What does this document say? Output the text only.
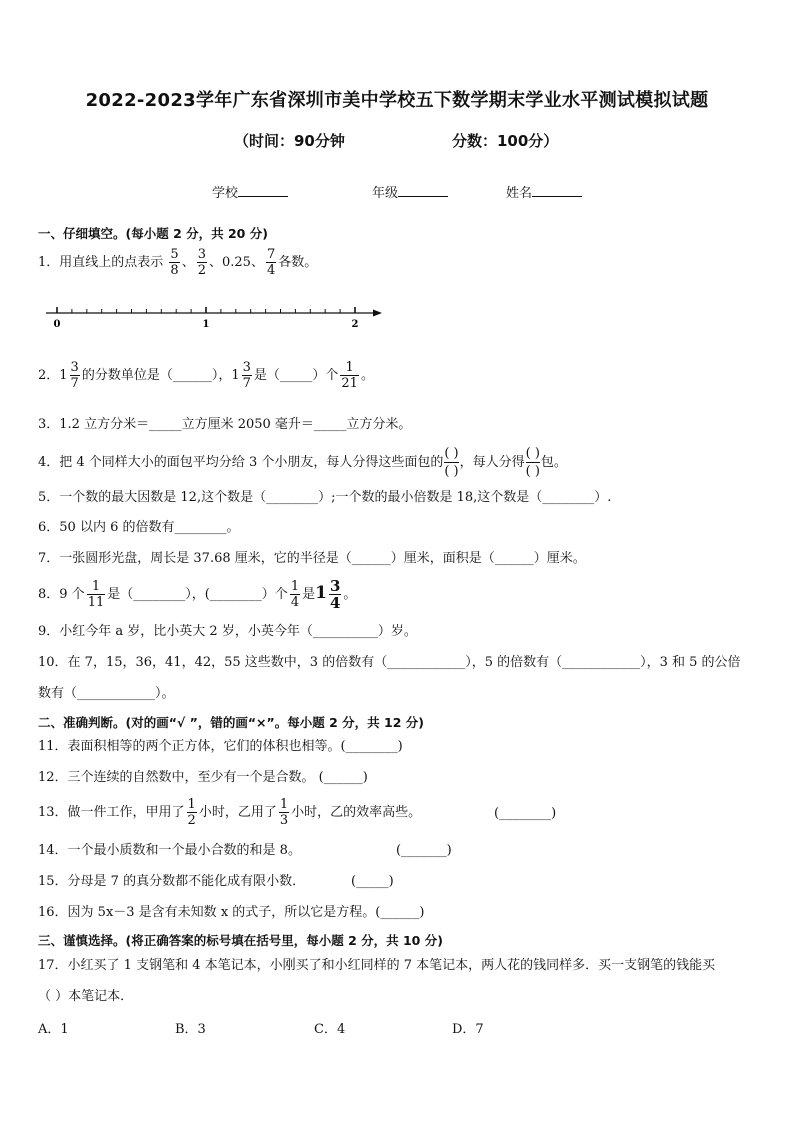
2022-2023学年广东省深圳市美中学校五下数学期末学业水平测试模拟试题
（时间：90分钟	分数：100分）
学校	年级	姓名
一、仔细填空。(每小题 2 分，共 20 分)
1．用直线上的点表示 $\frac{5}{8}$ 、 $\frac{3}{2}$ 、0.25、 $\frac{7}{4}$ 各数。
0	1	2
2．$1 \frac{3}{7}$ 的分数单位是（______），$1 \frac{3}{7}$ 是（_____）个 $\frac{1}{21}$ 。
3．1.2 立方分米＝_____立方厘米 2050 毫升＝_____立方分米。
4．把 4 个同样大小的面包平均分给 3 个小朋友，每人分得这些面包的
( )
( )
，每人分得
( )
( )
包。
5．一个数的最大因数是 12,这个数是（________）;一个数的最小倍数是 18,这个数是（________）.
6．50 以内 6 的倍数有________。
7．一张圆形光盘，周长是 37.68 厘米，它的半径是（______）厘米，面积是（______）厘米。
8．9 个 $\frac{1}{11}$ 是（________），(________）个 $\frac{1}{4}$ 是$1 \frac{3}{4}$ 。
9．小红今年 a 岁，比小英大 2 岁，小英今年（__________）岁。
10．在 7，15，36，41，42，55 这些数中，3 的倍数有（____________），5 的倍数有（____________），3 和 5 的公倍
数有（____________）。
二、准确判断。(对的画“√ ”，错的画“×”。每小题 2 分，共 12 分)
11．表面积相等的两个正方体，它们的体积也相等。(________)
12．三个连续的自然数中，至少有一个是合数。 (______)
13．做一件工作，甲用了 $\frac{1}{2}$ 小时，乙用了 $\frac{1}{3}$ 小时，乙的效率高些。	(________)
14．一个最小质数和一个最小合数的和是 8。	(_______)
15．分母是 7 的真分数都不能化成有限小数．	(_____)
16．因为 5x－3 是含有未知数 x 的式子，所以它是方程。(______)
三、谨慎选择。(将正确答案的标号填在括号里，每小题 2 分，共 10 分)
17．小红买了 1 支钢笔和 4 本笔记本，小刚买了和小红同样的 7 本笔记本，两人花的钱同样多．买一支钢笔的钱能买
（ ）本笔记本．
A．1	B．3	C．4	D．7
